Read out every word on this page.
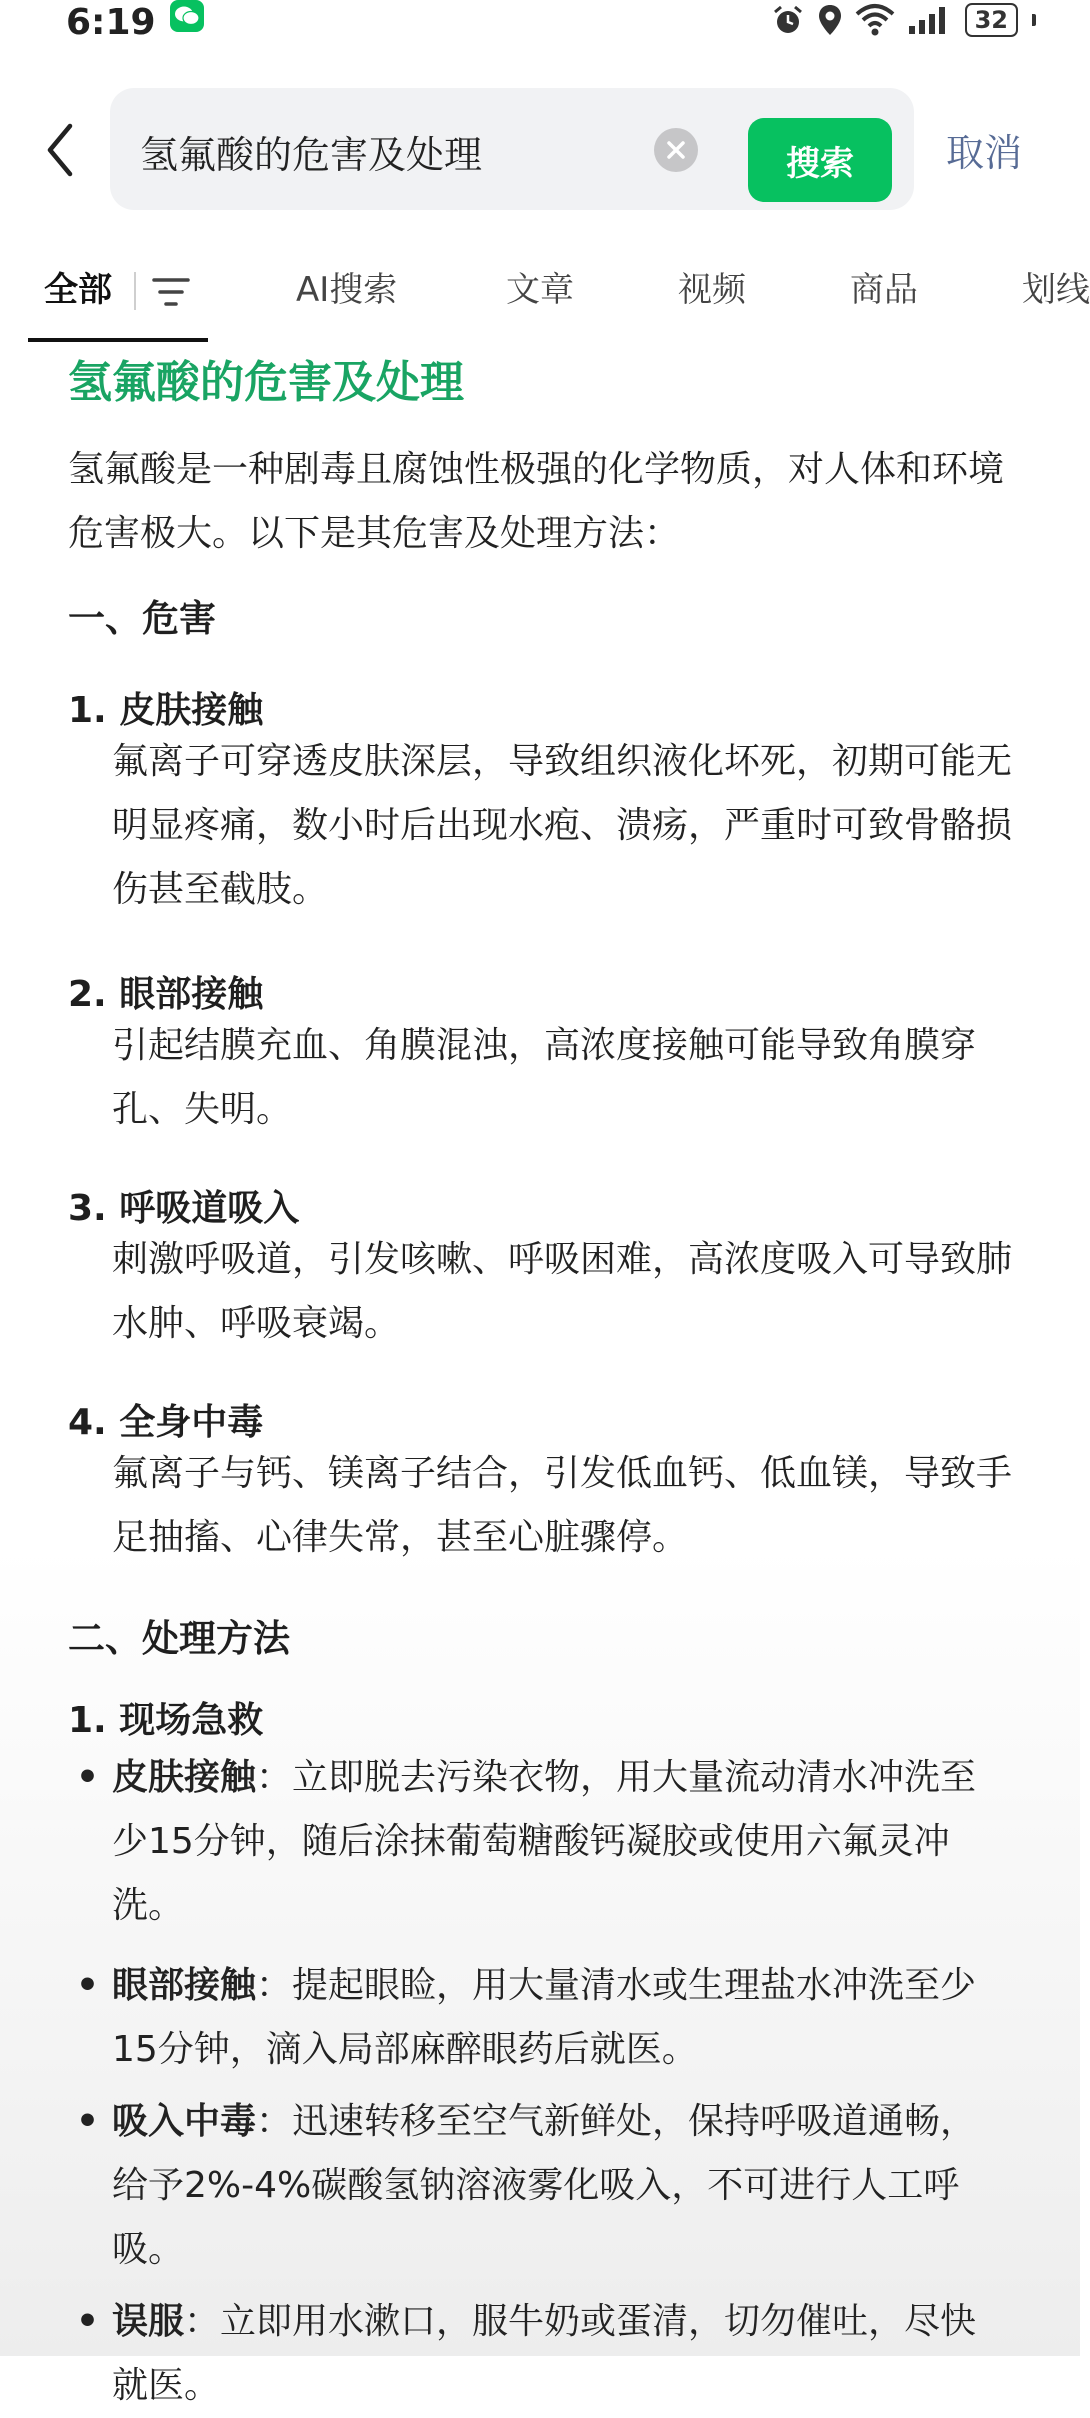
6:19	32
氢氟酸的危害及处理	搜索	取消
全部	AI搜索	文章	视频	商品	划线
氢氟酸的危害及处理
氢氟酸是一种剧毒且腐蚀性极强的化学物质，对人体和环境危害极大。以下是其危害及处理方法：
一、危害
1. 皮肤接触
氟离子可穿透皮肤深层，导致组织液化坏死，初期可能无明显疼痛，数小时后出现水疱、溃疡，严重时可致骨骼损伤甚至截肢。
2. 眼部接触
引起结膜充血、角膜混浊，高浓度接触可能导致角膜穿孔、失明。
3. 呼吸道吸入
刺激呼吸道，引发咳嗽、呼吸困难，高浓度吸入可导致肺水肿、呼吸衰竭。
4. 全身中毒
氟离子与钙、镁离子结合，引发低血钙、低血镁，导致手足抽搐、心律失常，甚至心脏骤停。
二、处理方法
1. 现场急救
• 皮肤接触：立即脱去污染衣物，用大量流动清水冲洗至少15分钟，随后涂抹葡萄糖酸钙凝胶或使用六氟灵冲洗。
• 眼部接触：提起眼睑，用大量清水或生理盐水冲洗至少15分钟，滴入局部麻醉眼药后就医。
• 吸入中毒：迅速转移至空气新鲜处，保持呼吸道通畅，给予2%-4%碳酸氢钠溶液雾化吸入，不可进行人工呼吸。
• 误服：立即用水漱口，服牛奶或蛋清，切勿催吐，尽快就医。
